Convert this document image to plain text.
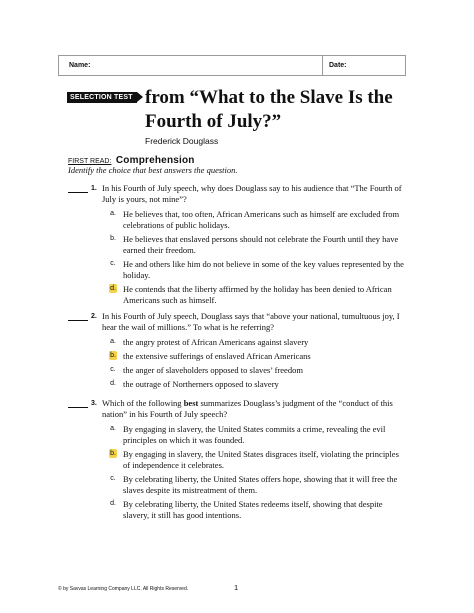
Name:	Date:
SELECTION TEST from “What to the Slave Is the Fourth of July?”
Frederick Douglass
FIRST READ: Comprehension
Identify the choice that best answers the question.
1. In his Fourth of July speech, why does Douglass say to his audience that “The Fourth of July is yours, not mine”?
a. He believes that, too often, African Americans such as himself are excluded from celebrations of public holidays.
b. He believes that enslaved persons should not celebrate the Fourth until they have earned their freedom.
c. He and others like him do not believe in some of the key values represented by the holiday.
d. He contends that the liberty affirmed by the holiday has been denied to African Americans such as himself.
2. In his Fourth of July speech, Douglass says that “above your national, tumultuous joy, I hear the wail of millions.” To what is he referring?
a. the angry protest of African Americans against slavery
b. the extensive sufferings of enslaved African Americans
c. the anger of slaveholders opposed to slaves’ freedom
d. the outrage of Northerners opposed to slavery
3. Which of the following best summarizes Douglass’s judgment of the “conduct of this nation” in his Fourth of July speech?
a. By engaging in slavery, the United States commits a crime, revealing the evil principles on which it was founded.
b. By engaging in slavery, the United States disgraces itself, violating the principles of independence it celebrates.
c. By celebrating liberty, the United States offers hope, showing that it will free the slaves despite its mistreatment of them.
d. By celebrating liberty, the United States redeems itself, showing that despite slavery, it still has good intentions.
© by Savvas Learning Company LLC. All Rights Reserved.	1
